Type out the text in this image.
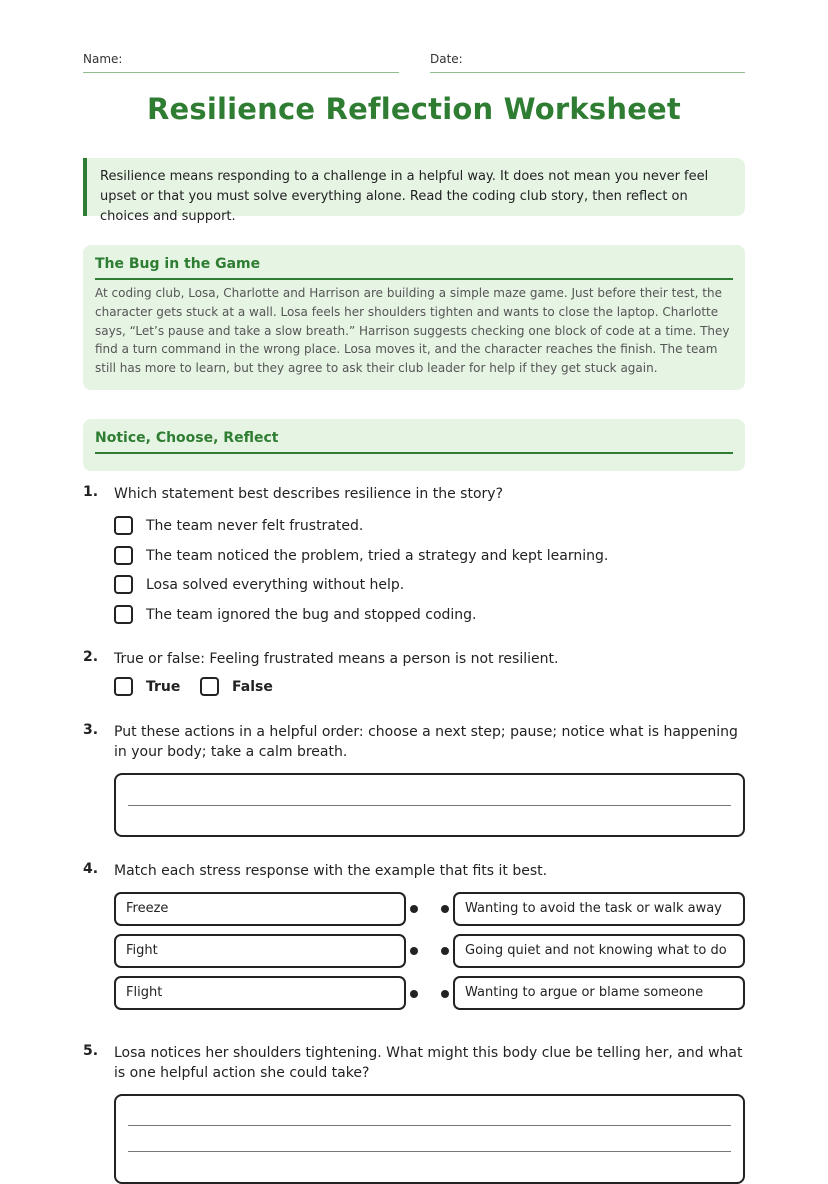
Name:	Date:
Resilience Reflection Worksheet
Resilience means responding to a challenge in a helpful way. It does not mean you never feel upset or that you must solve everything alone. Read the coding club story, then reflect on choices and support.
The Bug in the Game
At coding club, Losa, Charlotte and Harrison are building a simple maze game. Just before their test, the character gets stuck at a wall. Losa feels her shoulders tighten and wants to close the laptop. Charlotte says, “Let’s pause and take a slow breath.” Harrison suggests checking one block of code at a time. They find a turn command in the wrong place. Losa moves it, and the character reaches the finish. The team still has more to learn, but they agree to ask their club leader for help if they get stuck again.
Notice, Choose, Reflect
1. Which statement best describes resilience in the story?
The team never felt frustrated.
The team noticed the problem, tried a strategy and kept learning.
Losa solved everything without help.
The team ignored the bug and stopped coding.
2. True or false: Feeling frustrated means a person is not resilient.
True	False
3. Put these actions in a helpful order: choose a next step; pause; notice what is happening in your body; take a calm breath.
4. Match each stress response with the example that fits it best.
Freeze	Wanting to avoid the task or walk away
Fight	Going quiet and not knowing what to do
Flight	Wanting to argue or blame someone
5. Losa notices her shoulders tightening. What might this body clue be telling her, and what is one helpful action she could take?
